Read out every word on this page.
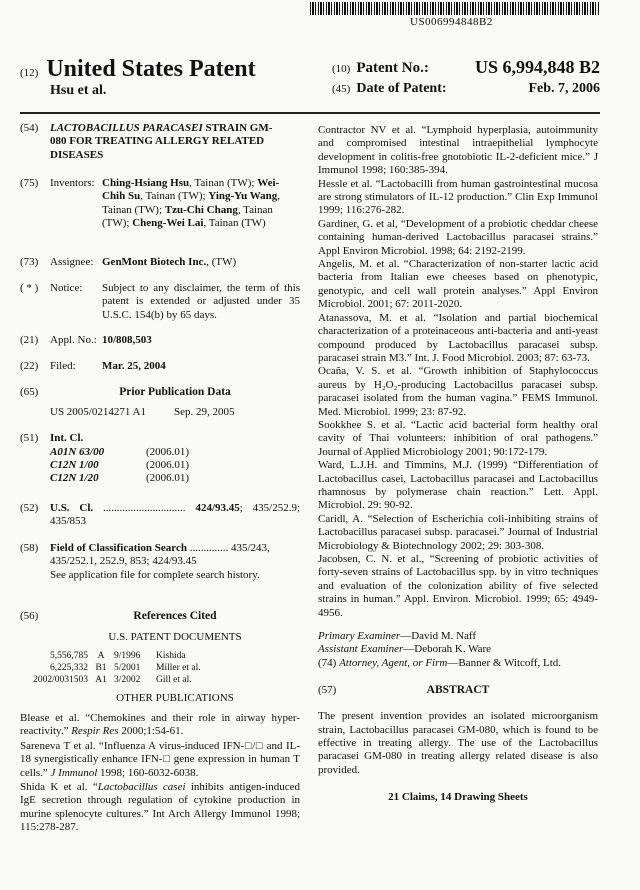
US006994848B2
(12) United States Patent
Hsu et al.
(10) Patent No.:	US 6,994,848 B2
(45) Date of Patent:	Feb. 7, 2006
(54)	LACTOBACILLUS PARACASEI STRAIN GM-080 FOR TREATING ALLERGY RELATED DISEASES
(75)	Inventors: Ching-Hsiang Hsu, Tainan (TW); Wei-Chih Su, Tainan (TW); Ying-Yu Wang, Tainan (TW); Tzu-Chi Chang, Tainan (TW); Cheng-Wei Lai, Tainan (TW)
(73)	Assignee: GenMont Biotech Inc., (TW)
( * )	Notice: Subject to any disclaimer, the term of this patent is extended or adjusted under 35 U.S.C. 154(b) by 65 days.
(21)	Appl. No.: 10/808,503
(22)	Filed: Mar. 25, 2004
(65)	Prior Publication Data
US 2005/0214271 A1	Sep. 29, 2005
(51)	Int. Cl.
A01N 63/00	(2006.01)
C12N 1/00	(2006.01)
C12N 1/20	(2006.01)
(52)	U.S. Cl. .............................. 424/93.45; 435/252.9; 435/853
(58)	Field of Classification Search .............. 435/243, 435/252.1, 252.9, 853; 424/93.45
See application file for complete search history.
(56)	References Cited
U.S. PATENT DOCUMENTS
5,556,785 A 9/1996 Kishida
6,225,332 B1 5/2001 Miller et al.
2002/0031503 A1 3/2002 Gill et al.
OTHER PUBLICATIONS

Blease et al. “Chemokines and their role in airway hyper-reactivity.” Respir Res 2000;1:54-61.

Sareneva T et al. “Influenza A virus-induced IFN-□/□ and IL-18 synergistically enhance IFN-□ gene expression in human T cells.” J Immunol 1998; 160-6032-6038.

Shida K et al. “Lactobacillus casei inhibits antigen-induced IgE secretion through regulation of cytokine production in murine splenocyte cultures.” Int Arch Allergy Immunol 1998; 115:278-287.

Contractor NV et al. “Lymphoid hyperplasia, autoimmunity and compromised intestinal intraepithelial lymphocyte development in colitis-free gnotobiotic IL-2-deficient mice.” J Immunol 1998; 160:385-394.

Hessle et al. “Lactobacilli from human gastrointestinal mucosa are strong stimulators of IL-12 production.” Clin Exp Immunol 1999; 116:276-282.

Gardiner, G. et al, “Development of a probiotic cheddar cheese containing human-derived Lactobacillus paracasei strains.” Appl Environ Microbiol. 1998; 64: 2192-2199.

Angelis, M. et al. “Characterization of non-starter lactic acid bacteria from Italian ewe cheeses based on phenotypic, genotypic, and cell wall protein analyses.” Appl Environ Microbiol. 2001; 67: 2011-2020.

Atanassova, M. et al. “Isolation and partial biochemical characterization of a proteinaceous anti-bacteria and anti-yeast compound produced by Lactobacillus paracasei subsp. paracasei strain M3.” Int. J. Food Microbiol. 2003; 87: 63-73.

Ocaña, V. S. et al. “Growth inhibition of Staphylococcus aureus by H₂O₂-producing Lactobacillus paracasei subsp. paracasei isolated from the human vagina.” FEMS Immunol. Med. Microbiol. 1999; 23: 87-92.

Sookkhee S. et al. “Lactic acid bacterial form healthy oral cavity of Thai volunteers: inhibition of oral pathogens.” Journal of Applied Microbiology 2001; 90:172-179.

Ward, L.J.H. and Timmins, M.J. (1999) “Differentiation of Lactobacillus casei, Lactobacillus paracasei and Lactobacillus rhamnosus by polymerase chain reaction.” Lett. Appl. Microbiol. 29: 90-92.

Caridl, A. “Selection of Escherichia coli-inhibiting strains of Lactobacillus paracasei subsp. paracasei.” Journal of Industrial Microbiology & Biotechnology 2002; 29: 303-308.

Jacobsen, C. N. et al., “Screening of probiotic activities of forty-seven strains of Lactobacillus spp. by in vitro techniques and evaluation of the colonization ability of five selected strains in human.” Appl. Environ. Microbiol. 1999; 65: 4949-4956.

Primary Examiner—David M. Naff
Assistant Examiner—Deborah K. Ware
(74) Attorney, Agent, or Firm—Banner & Witcoff, Ltd.
(57)	ABSTRACT

The present invention provides an isolated microorganism strain, Lactobacillus paracasei GM-080, which is found to be effective in treating allergy. The use of the Lactobacillus paracasei GM-080 in treating allergy related disease is also provided.

21 Claims, 14 Drawing Sheets
